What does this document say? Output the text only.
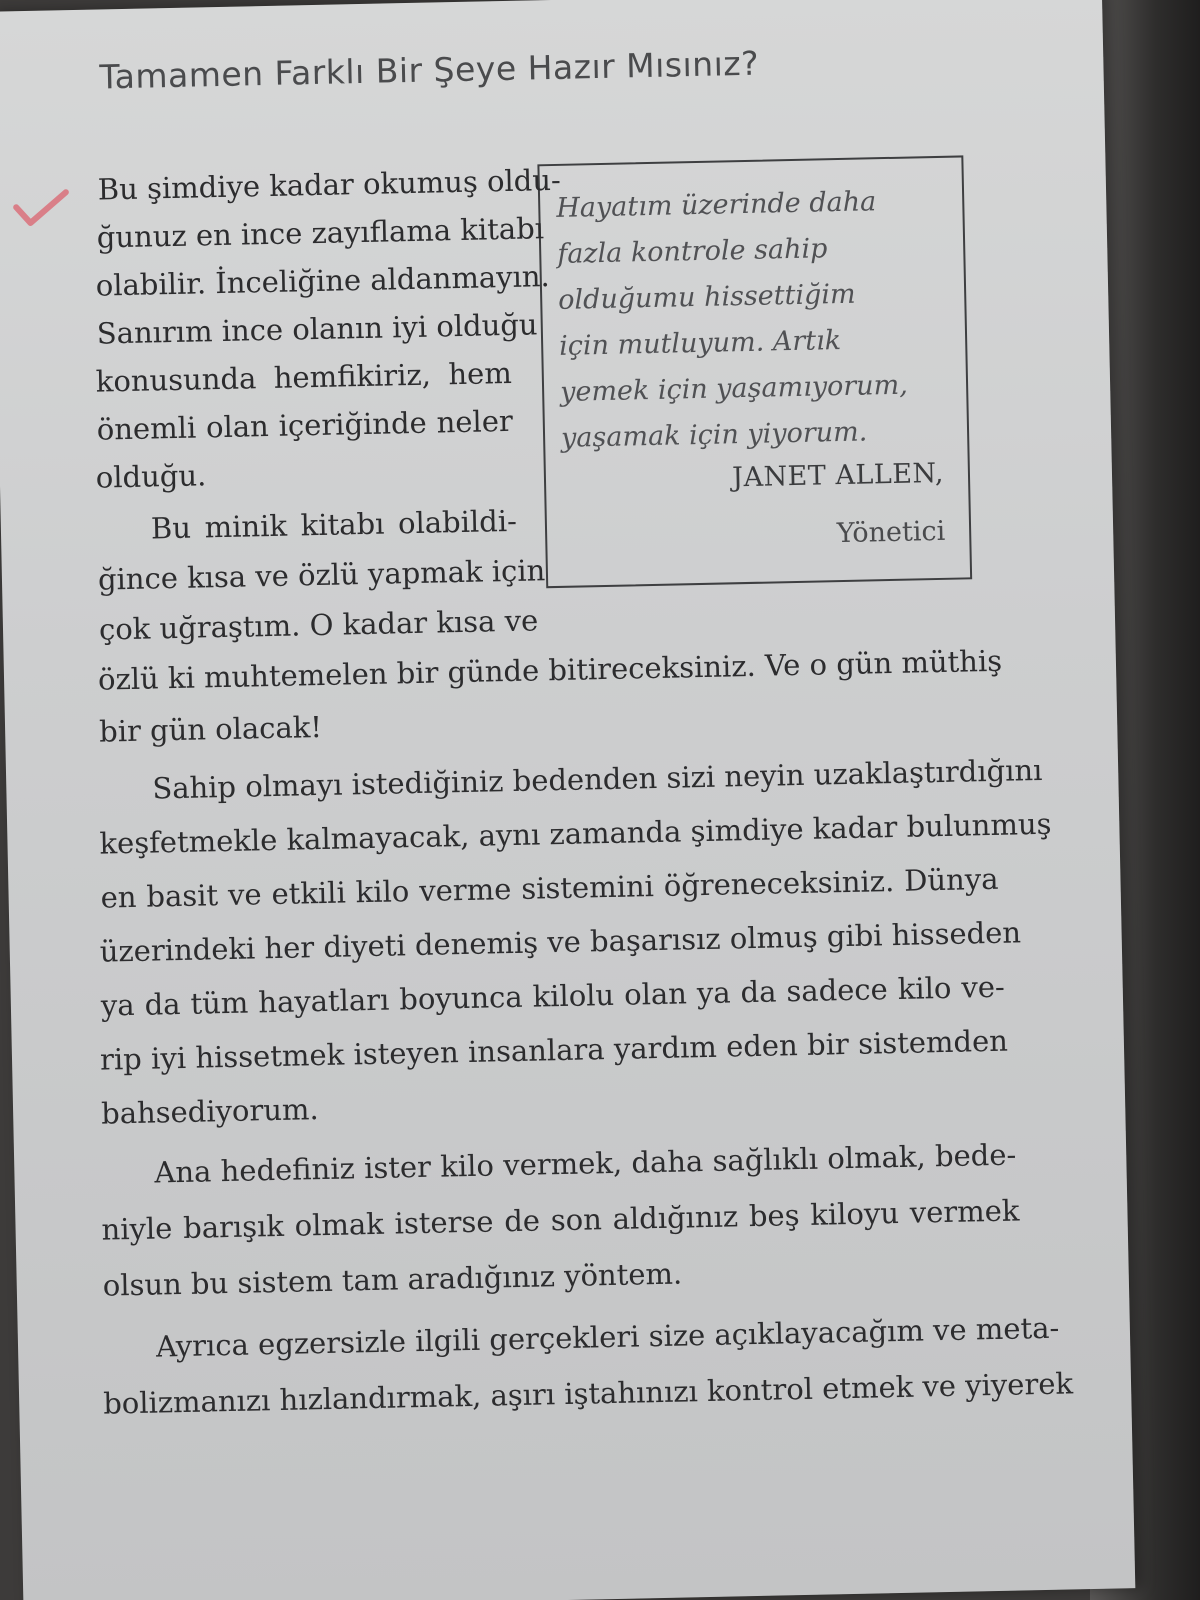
Tamamen Farklı Bir Şeye Hazır Mısınız?
Hayatım üzerinde daha
fazla kontrole sahip
olduğumu hissettiğim
için mutluyum. Artık
yemek için yaşamıyorum,
yaşamak için yiyorum.
JANET ALLEN,
Yönetici
Bu şimdiye kadar okumuş oldu-
ğunuz en ince zayıflama kitabı
olabilir. İnceliğine aldanmayın.
Sanırım ince olanın iyi olduğu
konusunda hemfikiriz, hem
önemli olan içeriğinde neler
olduğu.
Bu minik kitabı olabildi-
ğince kısa ve özlü yapmak için
çok uğraştım. O kadar kısa ve
özlü ki muhtemelen bir günde bitireceksiniz. Ve o gün müthiş
bir gün olacak!
Sahip olmayı istediğiniz bedenden sizi neyin uzaklaştırdığını
keşfetmekle kalmayacak, aynı zamanda şimdiye kadar bulunmuş
en basit ve etkili kilo verme sistemini öğreneceksiniz. Dünya
üzerindeki her diyeti denemiş ve başarısız olmuş gibi hisseden
ya da tüm hayatları boyunca kilolu olan ya da sadece kilo ve-
rip iyi hissetmek isteyen insanlara yardım eden bir sistemden
bahsediyorum.
Ana hedefiniz ister kilo vermek, daha sağlıklı olmak, bede-
niyle barışık olmak isterse de son aldığınız beş kiloyu vermek
olsun bu sistem tam aradığınız yöntem.
Ayrıca egzersizle ilgili gerçekleri size açıklayacağım ve meta-
bolizmanızı hızlandırmak, aşırı iştahınızı kontrol etmek ve yiyerek
